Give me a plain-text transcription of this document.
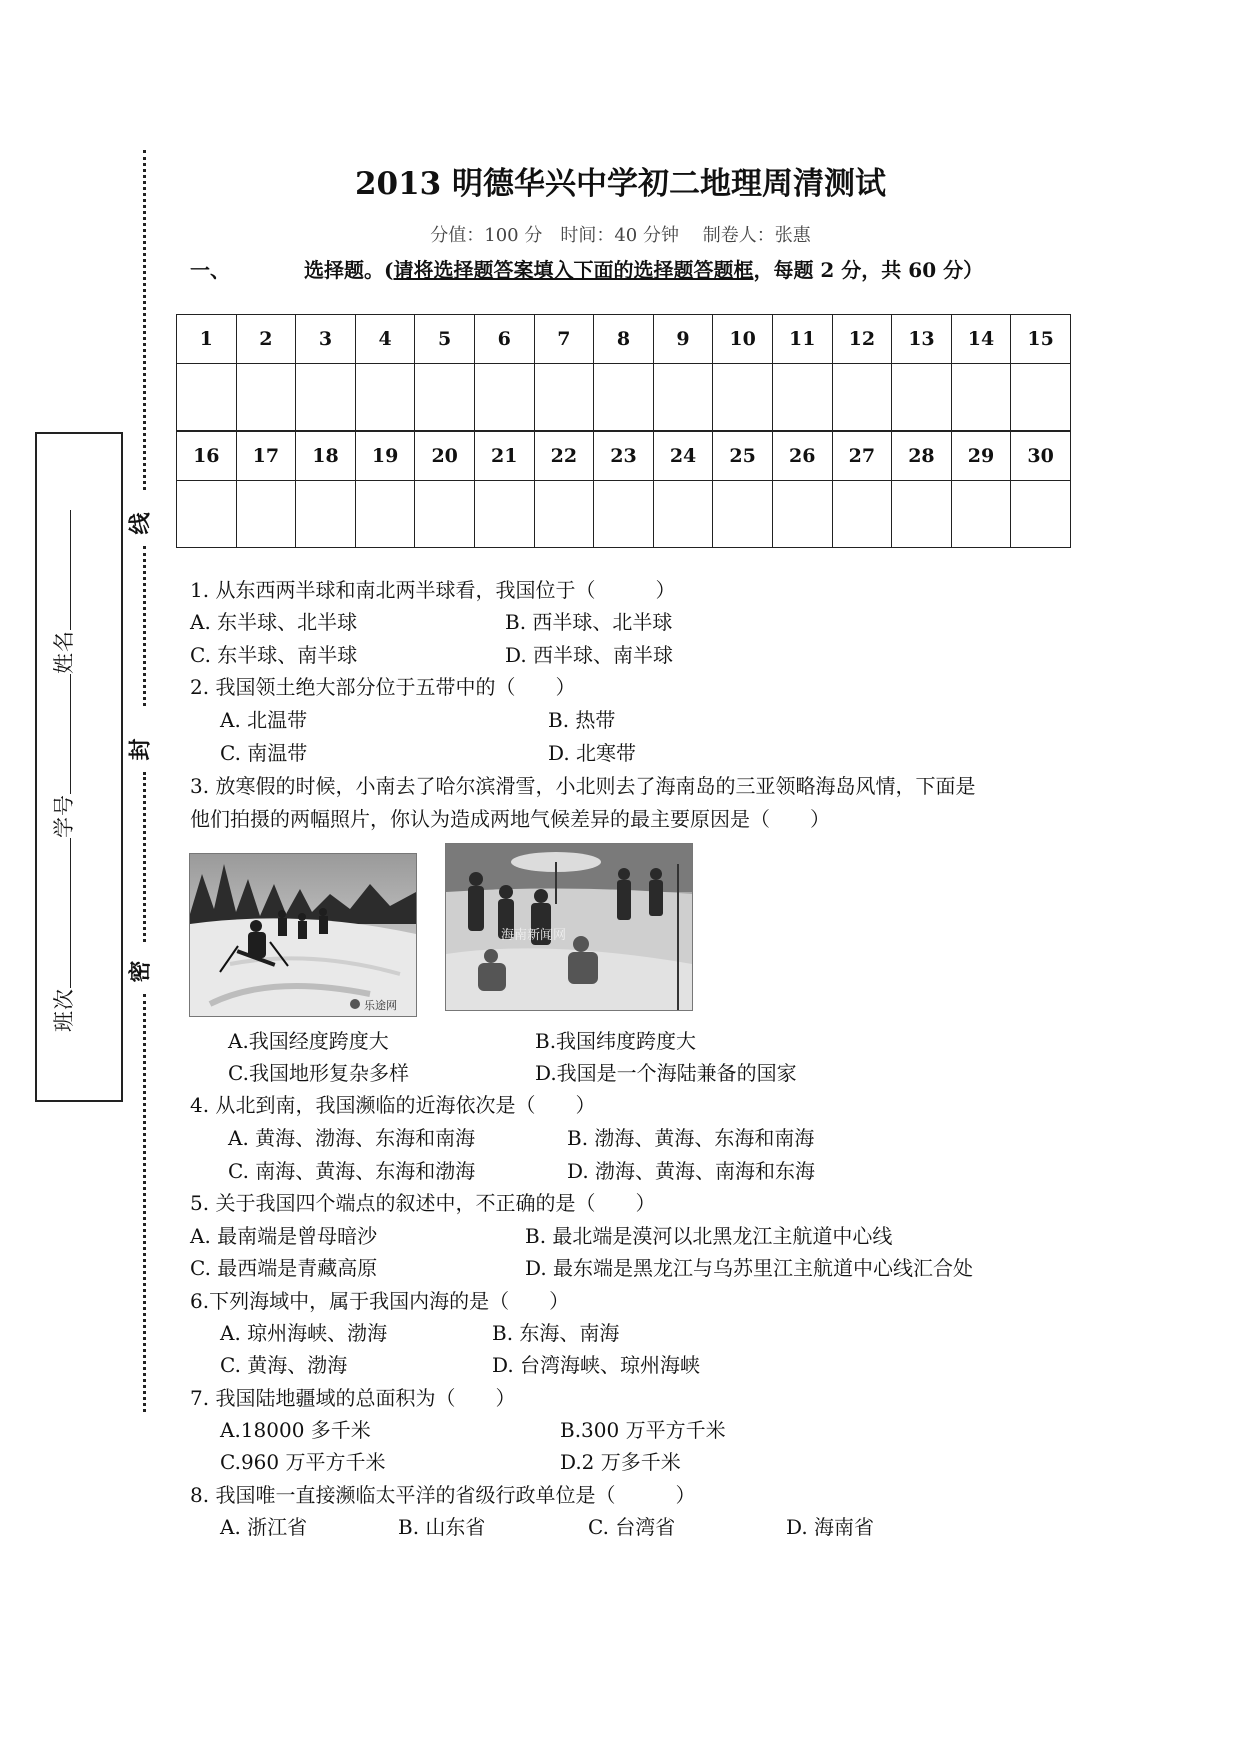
班次学号姓名
线
封
密
2013 明德华兴中学初二地理周清测试
分值：100 分　时间：40 分钟　 制卷人：张惠
一、	选择题。(请将选择题答案填入下面的选择题答题框，每题 2 分，共 60 分）
1	2	3	4	5	6	7	8	9	10	11	12	13	14	15

16	17	18	19	20	21	22	23	24	25	26	27	28	29	30

1. 从东西两半球和南北两半球看，我国位于（　　　）
A. 东半球、北半球	B. 西半球、北半球
C. 东半球、南半球	D. 西半球、南半球
2. 我国领土绝大部分位于五带中的（　　）
A. 北温带	B. 热带
C. 南温带	D. 北寒带
3. 放寒假的时候，小南去了哈尔滨滑雪，小北则去了海南岛的三亚领略海岛风情，下面是
他们拍摄的两幅照片，你认为造成两地气候差异的最主要原因是（　　）
乐途网
海南新闻网
A.我国经度跨度大	B.我国纬度跨度大
C.我国地形复杂多样	D.我国是一个海陆兼备的国家
4. 从北到南，我国濒临的近海依次是（　　）
A. 黄海、渤海、东海和南海	B. 渤海、黄海、东海和南海
C. 南海、黄海、东海和渤海	D. 渤海、黄海、南海和东海
5. 关于我国四个端点的叙述中，不正确的是（　　）
A. 最南端是曾母暗沙	B. 最北端是漠河以北黑龙江主航道中心线
C. 最西端是青藏高原	D. 最东端是黑龙江与乌苏里江主航道中心线汇合处
6.下列海域中，属于我国内海的是（　　）
A. 琼州海峡、渤海	B. 东海、南海
C. 黄海、渤海	D. 台湾海峡、琼州海峡
7. 我国陆地疆域的总面积为（　　）
A.18000 多千米	B.300 万平方千米
C.960 万平方千米	D.2 万多千米
8. 我国唯一直接濒临太平洋的省级行政单位是（　　　）
A. 浙江省	B. 山东省	C. 台湾省	D. 海南省
